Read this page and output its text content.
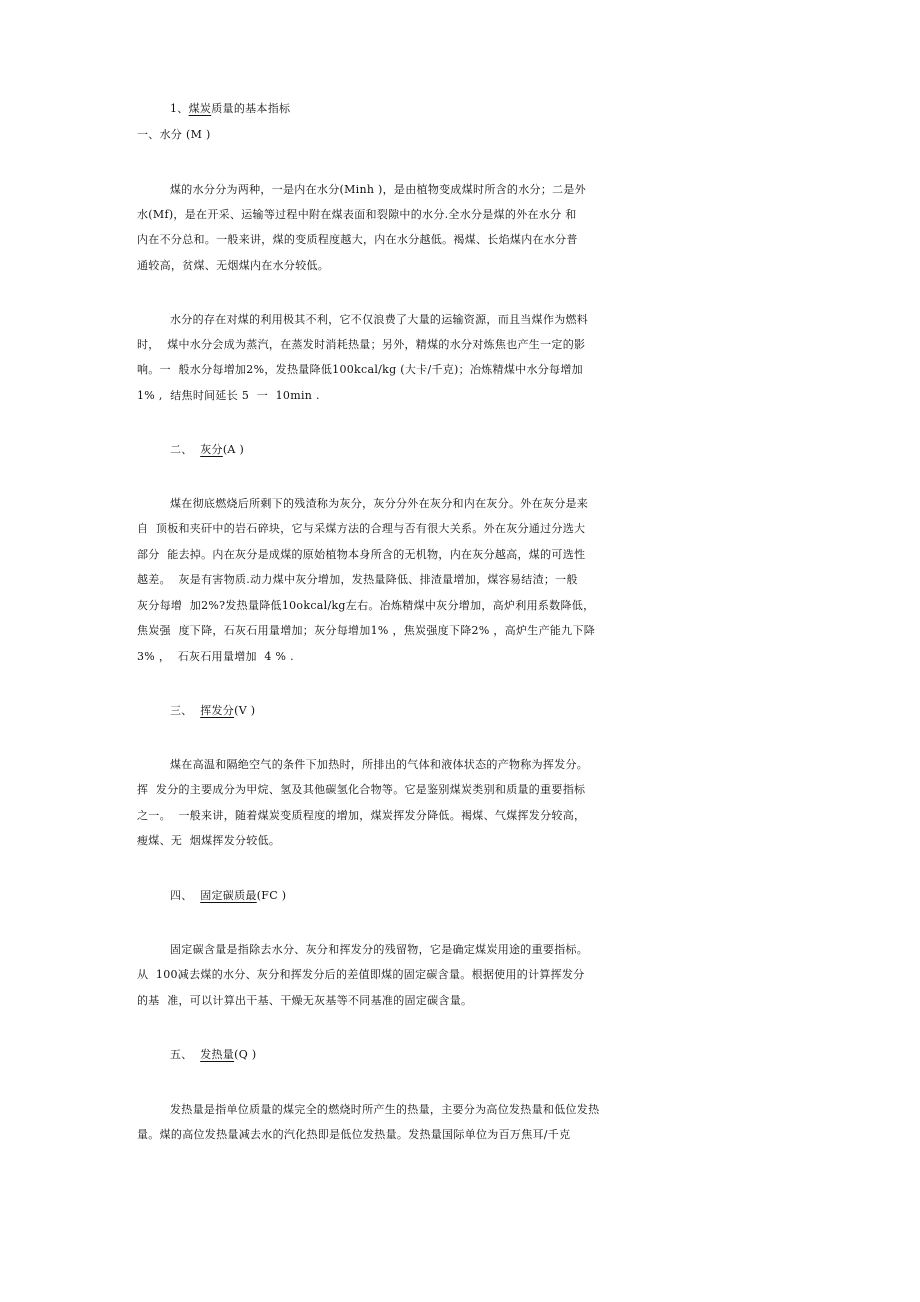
1、煤炭质量的基本指标
一、水分 (M )
煤的水分分为两种，一是内在水分(Minh )，是由植物变成煤时所含的水分；二是外
水(Mf)，是在开采、运输等过程中附在煤表面和裂隙中的水分.全水分是煤的外在水分 和
内在不分总和。一般来讲，煤的变质程度越大，内在水分越低。褐煤、长焰煤内在水分普
通较高，贫煤、无烟煤内在水分较低。
水分的存在对煤的利用极其不利，它不仅浪费了大量的运输资源，而且当煤作为燃料
时，  煤中水分会成为蒸汽，在蒸发时消耗热量；另外，精煤的水分对炼焦也产生一定的影
响。一  般水分每增加2%，发热量降低100kcal/kg (大卡/千克)；冶炼精煤中水分每增加
1% ,  结焦时间延长 5  一  10min .
二、  灰分(A )
煤在彻底燃烧后所剩下的残渣称为灰分，灰分分外在灰分和内在灰分。外在灰分是来
自  顶板和夹矸中的岩石碎块，它与采煤方法的合理与否有很大关系。外在灰分通过分选大
部分  能去掉。内在灰分是成煤的原始植物本身所含的无机物，内在灰分越高，煤的可选性
越差。  灰是有害物质.动力煤中灰分增加，发热量降低、排渣量增加，煤容易结渣；一般
灰分每增  加2%?发热量降低10okcal/kg左右。冶炼精煤中灰分增加，高炉利用系数降低，
焦炭强  度下降，石灰石用量增加；灰分每增加1% ，焦炭强度下降2% ，高炉生产能九下降
3% ，  石灰石用量增加  4 % .
三、  挥发分(V )
煤在高温和隔绝空气的条件下加热时，所排出的气体和液体状态的产物称为挥发分。
挥  发分的主要成分为甲烷、氢及其他碳氢化合物等。它是鉴别煤炭类别和质量的重要指标
之一。  一般来讲，随着煤炭变质程度的增加，煤炭挥发分降低。褐煤、气煤挥发分较高，
瘦煤、无  烟煤挥发分较低。
四、  固定碳质最(FC )
固定碳含量是指除去水分、灰分和挥发分的残留物，它是确定煤炭用途的重要指标。
从  100减去煤的水分、灰分和挥发分后的差值即煤的固定碳含量。根据使用的计算挥发分
的基  准，可以计算出干基、干燥无灰基等不同基准的固定碳含量。
五、  发热量(Q )
发热量是指单位质量的煤完全的燃烧时所产生的热量，主要分为高位发热量和低位发热
量。煤的高位发热量减去水的汽化热即是低位发热量。发热量国际单位为百万焦耳/千克
